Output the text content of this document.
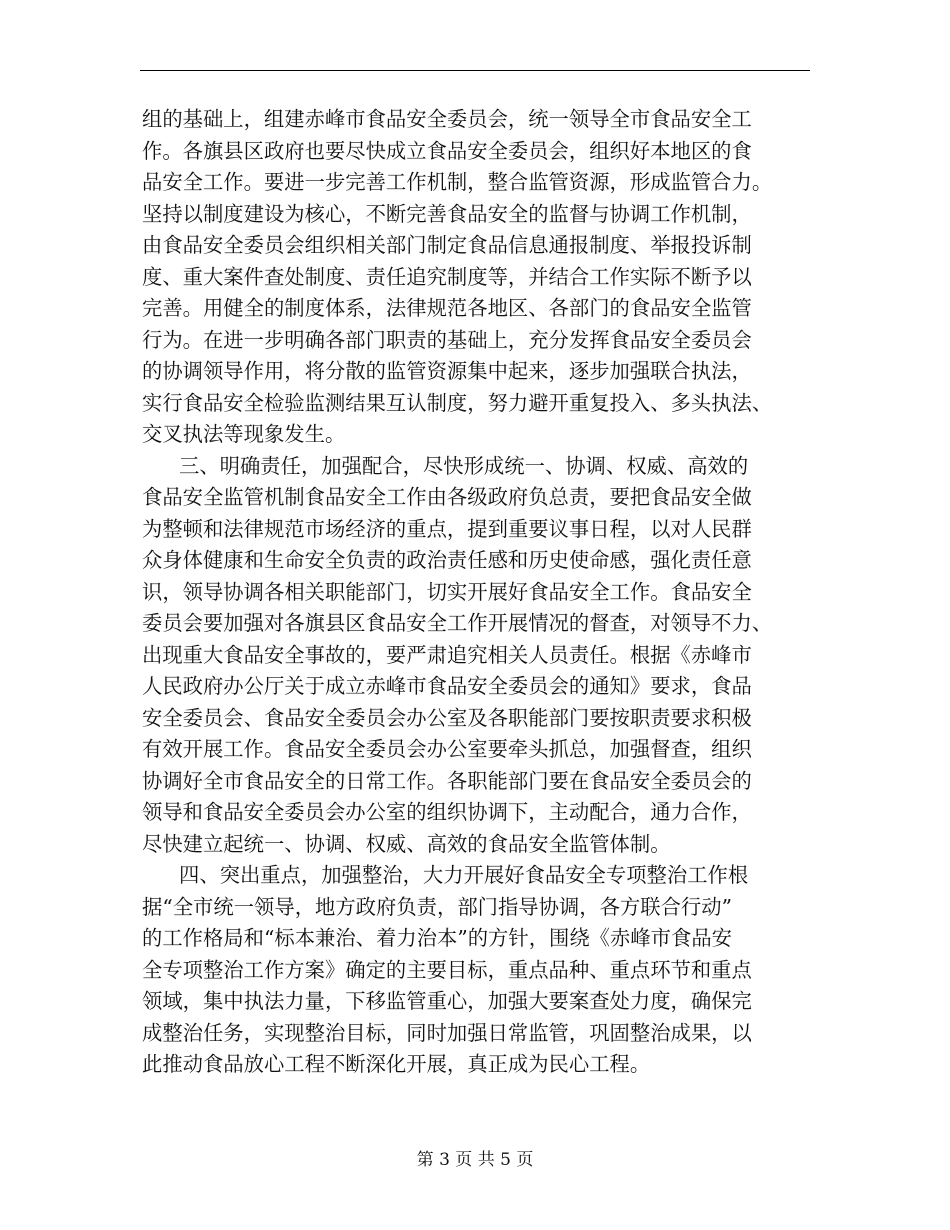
组的基础上，组建赤峰市食品安全委员会，统一领导全市食品安全工
作。各旗县区政府也要尽快成立食品安全委员会，组织好本地区的食
品安全工作。要进一步完善工作机制，整合监管资源，形成监管合力。
坚持以制度建设为核心，不断完善食品安全的监督与协调工作机制，
由食品安全委员会组织相关部门制定食品信息通报制度、举报投诉制
度、重大案件查处制度、责任追究制度等，并结合工作实际不断予以
完善。用健全的制度体系，法律规范各地区、各部门的食品安全监管
行为。在进一步明确各部门职责的基础上，充分发挥食品安全委员会
的协调领导作用，将分散的监管资源集中起来，逐步加强联合执法，
实行食品安全检验监测结果互认制度，努力避开重复投入、多头执法、
交叉执法等现象发生。
三、明确责任，加强配合，尽快形成统一、协调、权威、高效的
食品安全监管机制食品安全工作由各级政府负总责，要把食品安全做
为整顿和法律规范市场经济的重点，提到重要议事日程，以对人民群
众身体健康和生命安全负责的政治责任感和历史使命感，强化责任意
识，领导协调各相关职能部门，切实开展好食品安全工作。食品安全
委员会要加强对各旗县区食品安全工作开展情况的督查，对领导不力、
出现重大食品安全事故的，要严肃追究相关人员责任。根据《赤峰市
人民政府办公厅关于成立赤峰市食品安全委员会的通知》要求，食品
安全委员会、食品安全委员会办公室及各职能部门要按职责要求积极
有效开展工作。食品安全委员会办公室要牵头抓总，加强督查，组织
协调好全市食品安全的日常工作。各职能部门要在食品安全委员会的
领导和食品安全委员会办公室的组织协调下，主动配合，通力合作，
尽快建立起统一、协调、权威、高效的食品安全监管体制。
四、突出重点，加强整治，大力开展好食品安全专项整治工作根
据“全市统一领导，地方政府负责，部门指导协调，各方联合行动”
的工作格局和“标本兼治、着力治本”的方针，围绕《赤峰市食品安
全专项整治工作方案》确定的主要目标，重点品种、重点环节和重点
领域，集中执法力量，下移监管重心，加强大要案查处力度，确保完
成整治任务，实现整治目标，同时加强日常监管，巩固整治成果，以
此推动食品放心工程不断深化开展，真正成为民心工程。
第 3 页 共 5 页
